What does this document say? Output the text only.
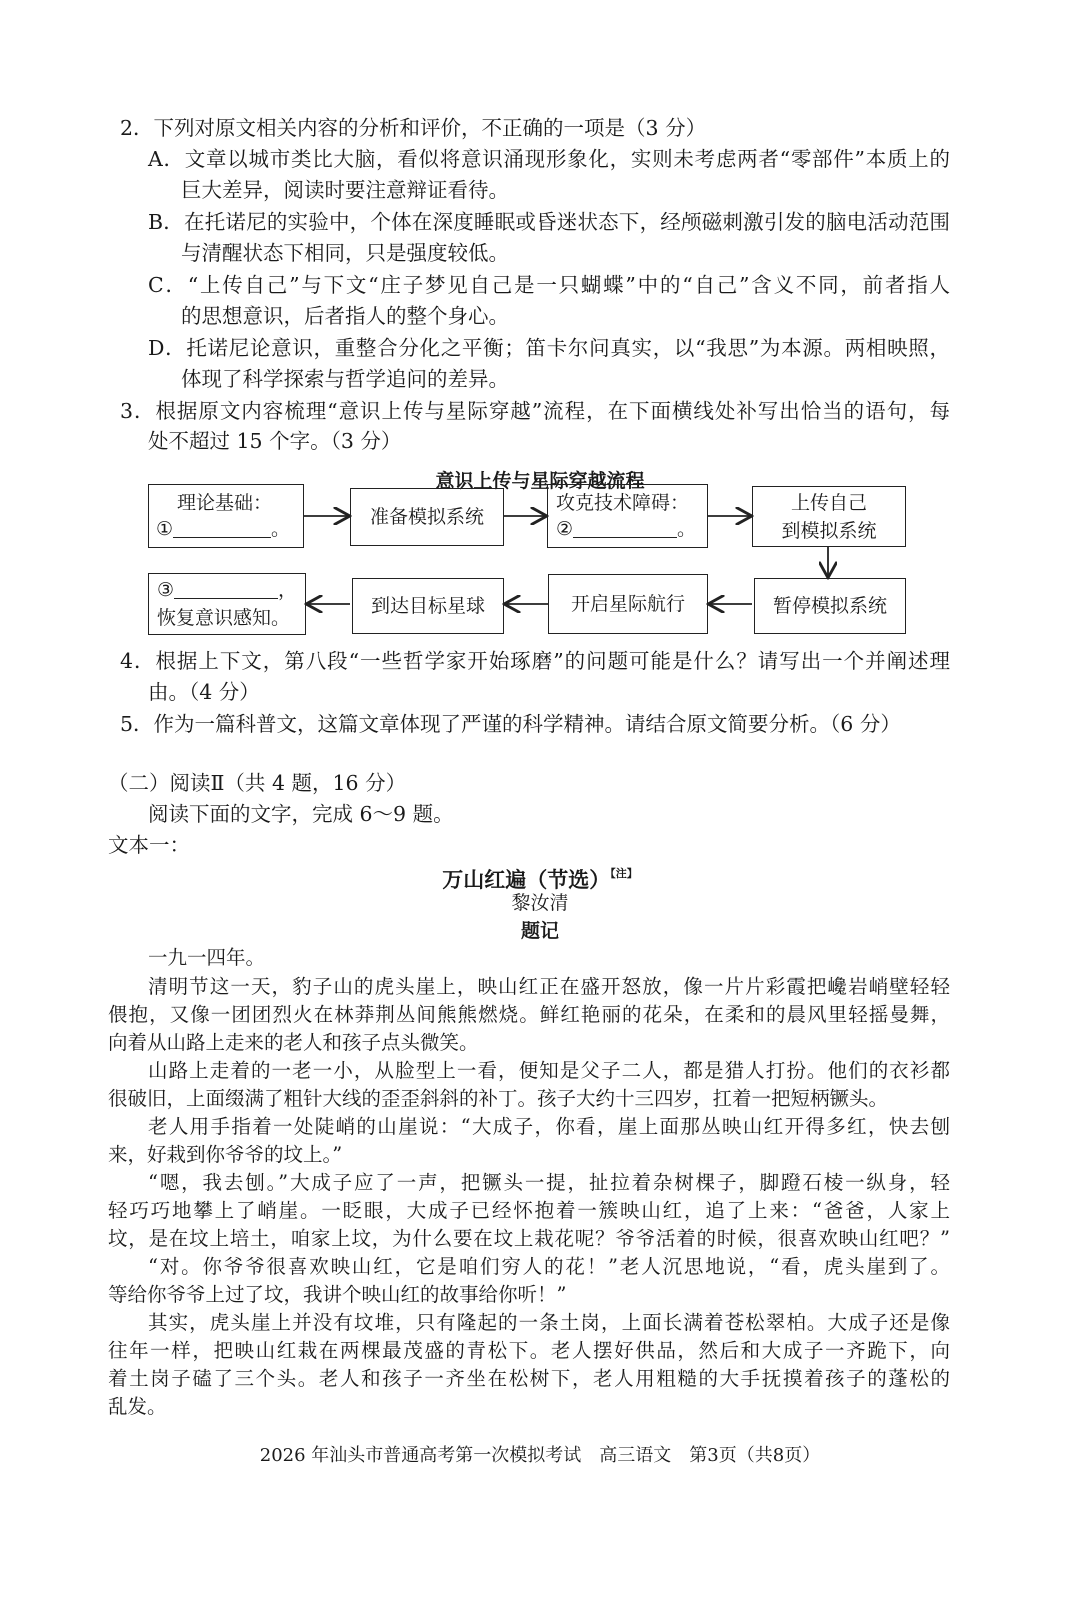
2．下列对原文相关内容的分析和评价，不正确的一项是（3 分）
A．文章以城市类比大脑，看似将意识涌现形象化，实则未考虑两者“零部件”本质上的
巨大差异，阅读时要注意辩证看待。
B．在托诺尼的实验中，个体在深度睡眠或昏迷状态下，经颅磁刺激引发的脑电活动范围
与清醒状态下相同，只是强度较低。
C．“上传自己”与下文“庄子梦见自己是一只蝴蝶”中的“自己”含义不同，前者指人
的思想意识，后者指人的整个身心。
D．托诺尼论意识，重整合分化之平衡；笛卡尔问真实，以“我思”为本源。两相映照，
体现了科学探索与哲学追问的差异。
3．根据原文内容梳理“意识上传与星际穿越”流程，在下面横线处补写出恰当的语句，每
处不超过 15 个字。（3 分）
意识上传与星际穿越流程
理论基础：
①	。
准备模拟系统
攻克技术障碍：
②	。
上传自己
到模拟系统
暂停模拟系统
开启星际航行
到达目标星球
③	，
恢复意识感知。
4．根据上下文，第八段“一些哲学家开始琢磨”的问题可能是什么？请写出一个并阐述理
由。（4 分）
5．作为一篇科普文，这篇文章体现了严谨的科学精神。请结合原文简要分析。（6 分）
（二）阅读Ⅱ（共 4 题，16 分）
阅读下面的文字，完成 6～9 题。
文本一：
万山红遍（节选）$^{【注】}$
黎汝清
题记
一九一四年。
清明节这一天，豹子山的虎头崖上，映山红正在盛开怒放，像一片片彩霞把巉岩峭壁轻轻
偎抱，又像一团团烈火在林莽荆丛间熊熊燃烧。鲜红艳丽的花朵，在柔和的晨风里轻摇曼舞，
向着从山路上走来的老人和孩子点头微笑。
山路上走着的一老一小，从脸型上一看，便知是父子二人，都是猎人打扮。他们的衣衫都
很破旧，上面缀满了粗针大线的歪歪斜斜的补丁。孩子大约十三四岁，扛着一把短柄镢头。
老人用手指着一处陡峭的山崖说：“大成子，你看，崖上面那丛映山红开得多红，快去刨
来，好栽到你爷爷的坟上。”
“嗯，我去刨。”大成子应了一声，把镢头一提，扯拉着杂树棵子，脚蹬石棱一纵身，轻
轻巧巧地攀上了峭崖。一眨眼，大成子已经怀抱着一簇映山红，追了上来：“爸爸，人家上
坟，是在坟上培土，咱家上坟，为什么要在坟上栽花呢？爷爷活着的时候，很喜欢映山红吧？”
“对。你爷爷很喜欢映山红，它是咱们穷人的花！”老人沉思地说，“看，虎头崖到了。
等给你爷爷上过了坟，我讲个映山红的故事给你听！”
其实，虎头崖上并没有坟堆，只有隆起的一条土岗，上面长满着苍松翠柏。大成子还是像
往年一样，把映山红栽在两棵最茂盛的青松下。老人摆好供品，然后和大成子一齐跪下，向
着土岗子磕了三个头。老人和孩子一齐坐在松树下，老人用粗糙的大手抚摸着孩子的蓬松的
乱发。
2026 年汕头市普通高考第一次模拟考试　高三语文　第3页（共8页）
